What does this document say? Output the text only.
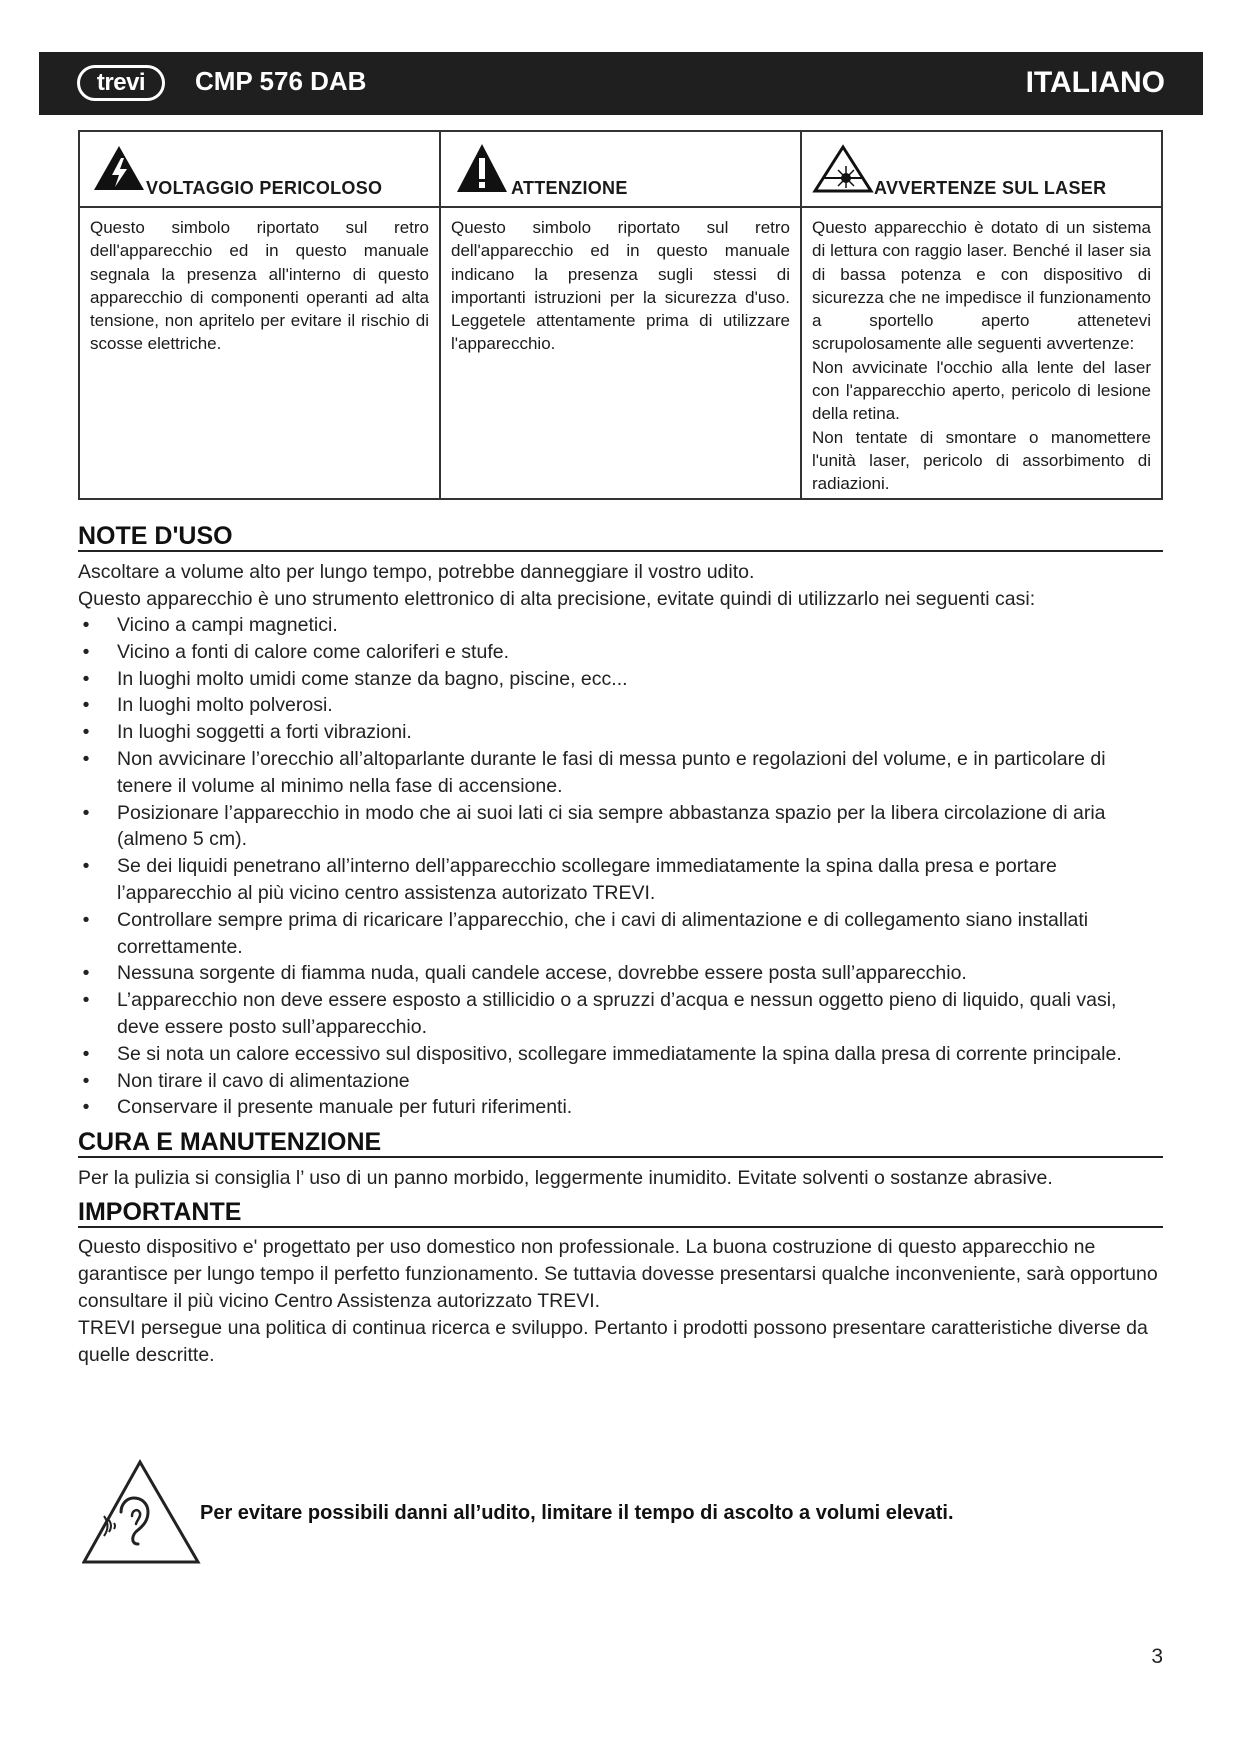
trevi	CMP 576 DAB	ITALIANO
VOLTAGGIO PERICOLOSO
Questo simbolo riportato sul retro dell'apparecchio ed in questo manuale segnala la presenza all'interno di questo apparecchio di componenti operanti ad alta tensione, non apritelo per evitare il rischio di scosse elettriche.
ATTENZIONE
Questo simbolo riportato sul retro dell'apparecchio ed in questo manuale indicano la presenza sugli stessi di importanti istruzioni per la sicurezza d'uso. Leggetele attentamente prima di utilizzare l'apparecchio.
AVVERTENZE SUL LASER
Questo apparecchio è dotato di un sistema di lettura con raggio laser. Benché il laser sia di bassa potenza e con dispositivo di sicurezza che ne impedisce il funzionamento a sportello aperto attenetevi scrupolosamente alle seguenti avvertenze:
Non avvicinate l'occhio alla lente del laser con l'apparecchio aperto, pericolo di lesione della retina.
Non tentate di smontare o manomettere l'unità laser, pericolo di assorbimento di radiazioni.
NOTE D'USO
Ascoltare a volume alto per lungo tempo, potrebbe danneggiare il vostro udito.
Questo apparecchio è uno strumento elettronico di alta precisione, evitate quindi di utilizzarlo nei seguenti casi:
• Vicino a campi magnetici.
• Vicino a fonti di calore come caloriferi e stufe.
• In luoghi molto umidi come stanze da bagno, piscine, ecc...
• In luoghi molto polverosi.
• In luoghi soggetti a forti vibrazioni.
• Non avvicinare l’orecchio all’altoparlante durante le fasi di messa punto e regolazioni del volume, e in particolare di tenere il volume al minimo nella fase di accensione.
• Posizionare l’apparecchio in modo che ai suoi lati ci sia sempre abbastanza spazio per la libera circolazione di aria (almeno 5 cm).
• Se dei liquidi penetrano all’interno dell’apparecchio scollegare immediatamente la spina dalla presa e portare l’apparecchio al più vicino centro assistenza autorizato TREVI.
• Controllare sempre prima di ricaricare l’apparecchio, che i cavi di alimentazione e di collegamento siano installati correttamente.
• Nessuna sorgente di fiamma nuda, quali candele accese, dovrebbe essere posta sull’apparecchio.
• L’apparecchio non deve essere esposto a stillicidio o a spruzzi d’acqua e nessun oggetto pieno di liquido, quali vasi, deve essere posto sull’apparecchio.
• Se si nota un calore eccessivo sul dispositivo, scollegare immediatamente la spina dalla presa di corrente principale.
• Non tirare il cavo di alimentazione
• Conservare il presente manuale per futuri riferimenti.
CURA E MANUTENZIONE
Per la pulizia si consiglia l’ uso di un panno morbido, leggermente inumidito. Evitate solventi o sostanze abrasive.
IMPORTANTE
Questo dispositivo e' progettato per uso domestico non professionale. La buona costruzione di questo apparecchio ne garantisce per lungo tempo il perfetto funzionamento. Se tuttavia dovesse presentarsi qualche inconveniente, sarà opportuno consultare il più vicino Centro Assistenza autorizzato TREVI.
TREVI persegue una politica di continua ricerca e sviluppo. Pertanto i prodotti possono presentare caratteristiche diverse da quelle descritte.
Per evitare possibili danni all’udito, limitare il tempo di ascolto a volumi elevati.
3
